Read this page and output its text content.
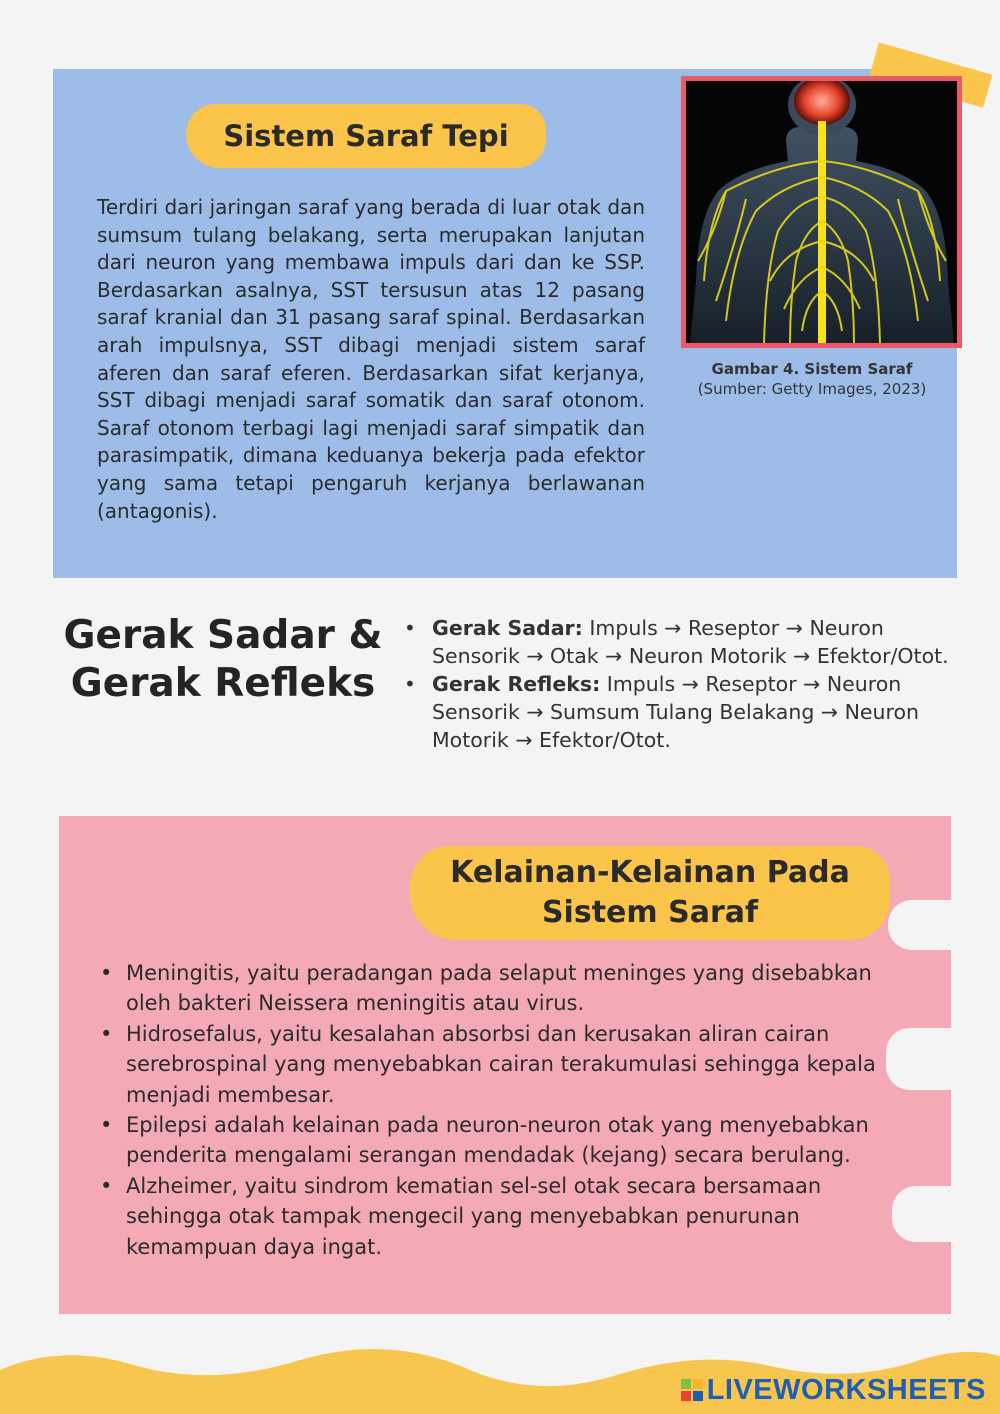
Sistem Saraf Tepi
Terdiri dari jaringan saraf yang berada di luar otak dan sumsum tulang belakang, serta merupakan lanjutan dari neuron yang membawa impuls dari dan ke SSP. Berdasarkan asalnya, SST tersusun atas 12 pasang saraf kranial dan 31 pasang saraf spinal. Berdasarkan arah impulsnya, SST dibagi menjadi sistem saraf aferen dan saraf eferen. Berdasarkan sifat kerjanya, SST dibagi menjadi saraf somatik dan saraf otonom. Saraf otonom terbagi lagi menjadi saraf simpatik dan parasimpatik, dimana keduanya bekerja pada efektor yang sama tetapi pengaruh kerjanya berlawanan (antagonis).
Gambar 4. Sistem Saraf
(Sumber: Getty Images, 2023)
Gerak Sadar &
Gerak Refleks
• Gerak Sadar: Impuls → Reseptor → Neuron Sensorik → Otak → Neuron Motorik → Efektor/Otot.
• Gerak Refleks: Impuls → Reseptor → Neuron Sensorik → Sumsum Tulang Belakang → Neuron Motorik → Efektor/Otot.
Kelainan-Kelainan Pada
Sistem Saraf
• Meningitis, yaitu peradangan pada selaput meninges yang disebabkan oleh bakteri Neissera meningitis atau virus.
• Hidrosefalus, yaitu kesalahan absorbsi dan kerusakan aliran cairan serebrospinal yang menyebabkan cairan terakumulasi sehingga kepala menjadi membesar.
• Epilepsi adalah kelainan pada neuron-neuron otak yang menyebabkan penderita mengalami serangan mendadak (kejang) secara berulang.
• Alzheimer, yaitu sindrom kematian sel-sel otak secara bersamaan sehingga otak tampak mengecil yang menyebabkan penurunan kemampuan daya ingat.
LIVEWORKSHEETS
